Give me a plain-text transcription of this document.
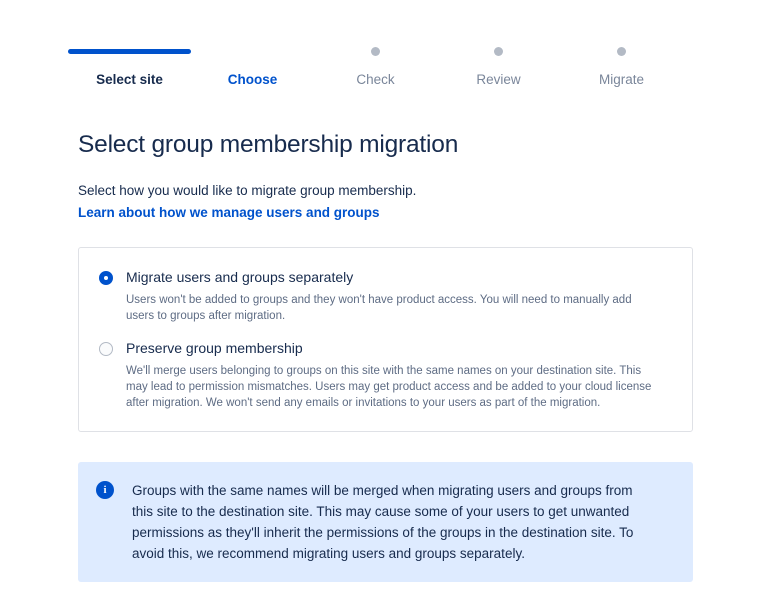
Select site	Choose	Check	Review	Migrate
Select group membership migration
Select how you would like to migrate group membership.
Learn about how we manage users and groups
Migrate users and groups separately
Users won't be added to groups and they won't have product access. You will need to manually add users to groups after migration.
Preserve group membership
We'll merge users belonging to groups on this site with the same names on your destination site. This may lead to permission mismatches. Users may get product access and be added to your cloud license after migration. We won't send any emails or invitations to your users as part of the migration.
i	Groups with the same names will be merged when migrating users and groups from this site to the destination site. This may cause some of your users to get unwanted permissions as they'll inherit the permissions of the groups in the destination site. To avoid this, we recommend migrating users and groups separately.
